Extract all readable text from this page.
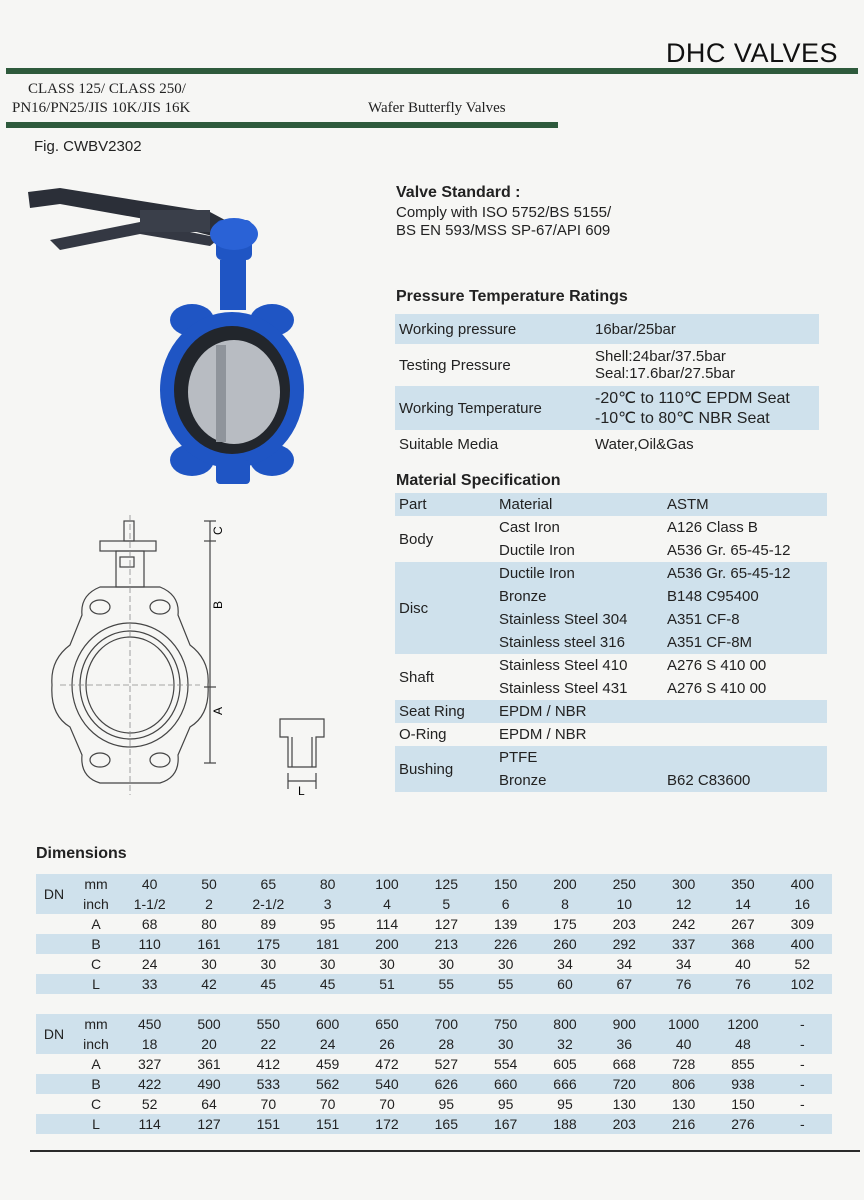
DHC VALVES
CLASS 125/ CLASS 250/
PN16/PN25/JIS 10K/JIS 16K	Wafer Butterfly Valves
Fig. CWBV2302
C
B
A
L
Valve Standard :
Comply with ISO 5752/BS 5155/
BS EN 593/MSS SP-67/API 609
Pressure Temperature Ratings
Working pressure	16bar/25bar
Testing Pressure	Shell:24bar/37.5bar
Seal:17.6bar/27.5bar

Working Temperature	-20℃ to 110℃ EPDM Seat
-10℃ to 80℃ NBR Seat

Suitable Media	Water,Oil&Gas
Material Specification
Part	Material	ASTM
Body	Cast Iron	A126 Class B
	Ductile Iron	A536 Gr. 65-45-12
Disc	Ductile Iron	A536 Gr. 65-45-12
	Bronze	B148 C95400
	Stainless Steel 304	A351 CF-8
	Stainless steel 316	A351 CF-8M
Shaft	Stainless Steel 410	A276 S 410 00
	Stainless Steel 431	A276 S 410 00
Seat Ring	EPDM / NBR	
O-Ring	EPDM / NBR	
Bushing	PTFE	
	Bronze	B62 C83600
Dimensions
DN	mm	40	50	65	80	100	125	150	200	250	300	350	400
	inch	1-1/2	2	2-1/2	3	4	5	6	8	10	12	14	16
	A	68	80	89	95	114	127	139	175	203	242	267	309
	B	110	161	175	181	200	213	226	260	292	337	368	400
	C	24	30	30	30	30	30	30	34	34	34	40	52
	L	33	42	45	45	51	55	55	60	67	76	76	102
DN	mm	450	500	550	600	650	700	750	800	900	1000	1200	-
	inch	18	20	22	24	26	28	30	32	36	40	48	-
	A	327	361	412	459	472	527	554	605	668	728	855	-
	B	422	490	533	562	540	626	660	666	720	806	938	-
	C	52	64	70	70	70	95	95	95	130	130	150	-
	L	114	127	151	151	172	165	167	188	203	216	276	-
